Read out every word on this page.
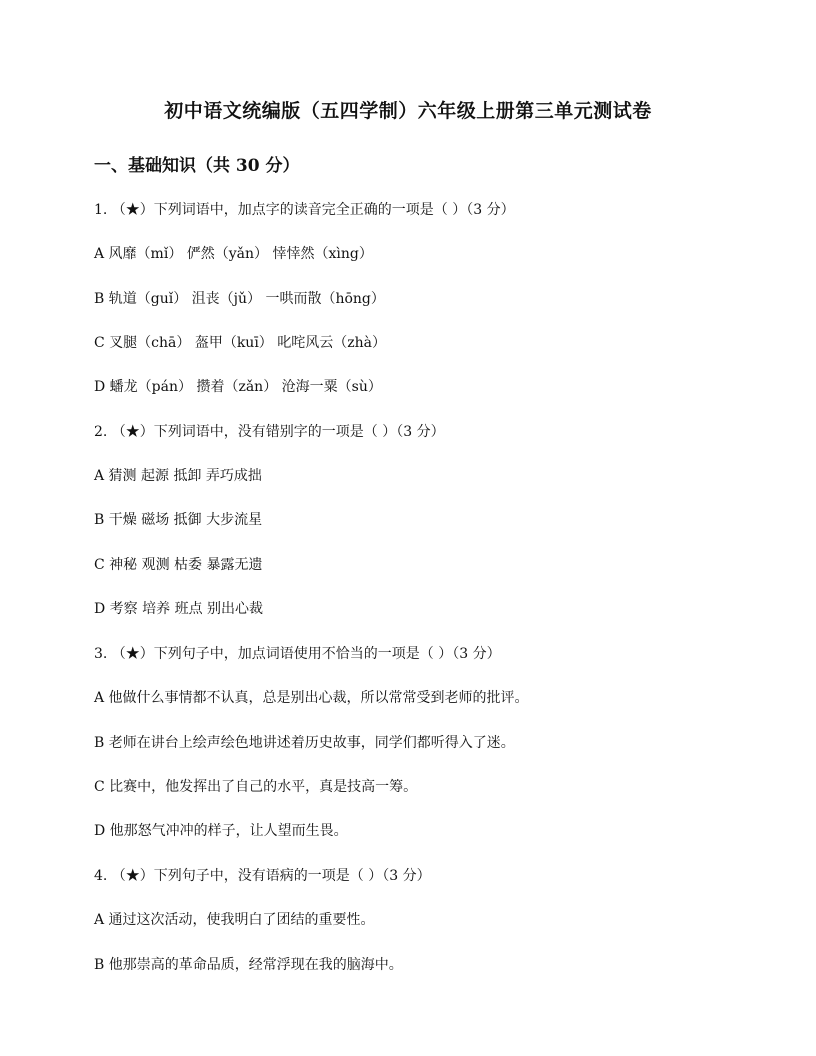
初中语文统编版（五四学制）六年级上册第三单元测试卷
一、基础知识（共 30 分）
1. （★）下列词语中，加点字的读音完全正确的一项是（ ）（3 分）
A 风靡（mǐ） 俨然（yǎn） 悻悻然（xìng）
B 轨道（guǐ） 沮丧（jǔ） 一哄而散（hōng）
C 叉腿（chā） 盔甲（kuī） 叱咤风云（zhà）
D 蟠龙（pán） 攒着（zǎn） 沧海一粟（sù）
2. （★）下列词语中，没有错别字的一项是（ ）（3 分）
A 猜测 起源 抵卸 弄巧成拙
B 干燥 磁场 抵御 大步流星
C 神秘 观测 枯委 暴露无遗
D 考察 培养 班点 别出心裁
3. （★）下列句子中，加点词语使用不恰当的一项是（ ）（3 分）
A 他做什么事情都不认真，总是别出心裁，所以常常受到老师的批评。
B 老师在讲台上绘声绘色地讲述着历史故事，同学们都听得入了迷。
C 比赛中，他发挥出了自己的水平，真是技高一筹。
D 他那怒气冲冲的样子，让人望而生畏。
4. （★）下列句子中，没有语病的一项是（ ）（3 分）
A 通过这次活动，使我明白了团结的重要性。
B 他那崇高的革命品质，经常浮现在我的脑海中。
